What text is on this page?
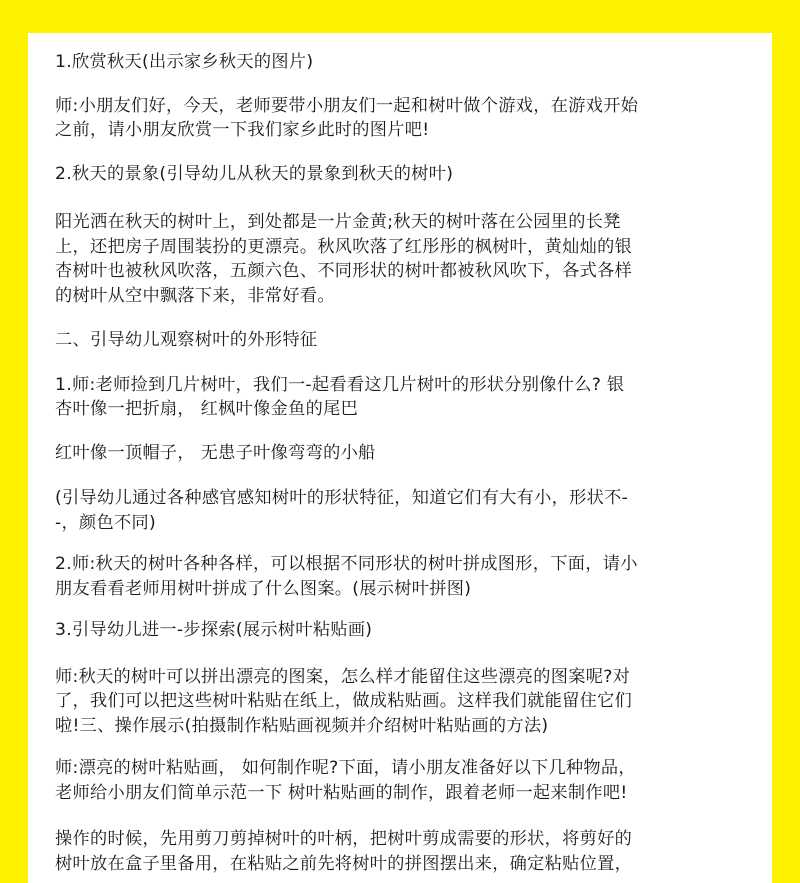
1.欣赏秋天(出示家乡秋天的图片)
师:小朋友们好，今天，老师要带小朋友们一起和树叶做个游戏，在游戏开始
之前，请小朋友欣赏一下我们家乡此时的图片吧!
2.秋天的景象(引导幼儿从秋天的景象到秋天的树叶)
阳光洒在秋天的树叶上，到处都是一片金黄;秋天的树叶落在公园里的长凳
上，还把房子周围装扮的更漂亮。秋风吹落了红彤彤的枫树叶，黄灿灿的银
杏树叶也被秋风吹落，五颜六色、不同形状的树叶都被秋风吹下，各式各样
的树叶从空中飘落下来，非常好看。
二、引导幼儿观察树叶的外形特征
1.师:老师捡到几片树叶，我们一-起看看这几片树叶的形状分别像什么? 银
杏叶像一把折扇， 红枫叶像金鱼的尾巴
红叶像一顶帽子， 无患子叶像弯弯的小船
(引导幼儿通过各种感官感知树叶的形状特征，知道它们有大有小，形状不-
-，颜色不同)
2.师:秋天的树叶各种各样，可以根据不同形状的树叶拼成图形，下面，请小
朋友看看老师用树叶拼成了什么图案。(展示树叶拼图)
3.引导幼儿进一-步探索(展示树叶粘贴画)
师:秋天的树叶可以拼出漂亮的图案，怎么样才能留住这些漂亮的图案呢?对
了，我们可以把这些树叶粘贴在纸上，做成粘贴画。这样我们就能留住它们
啦!三、操作展示(拍摄制作粘贴画视频并介绍树叶粘贴画的方法)
师:漂亮的树叶粘贴画， 如何制作呢?下面，请小朋友准备好以下几种物品，
老师给小朋友们简单示范一下 树叶粘贴画的制作，跟着老师一起来制作吧!
操作的时候，先用剪刀剪掉树叶的叶柄，把树叶剪成需要的形状，将剪好的
树叶放在盒子里备用，在粘贴之前先将树叶的拼图摆出来，确定粘贴位置，
